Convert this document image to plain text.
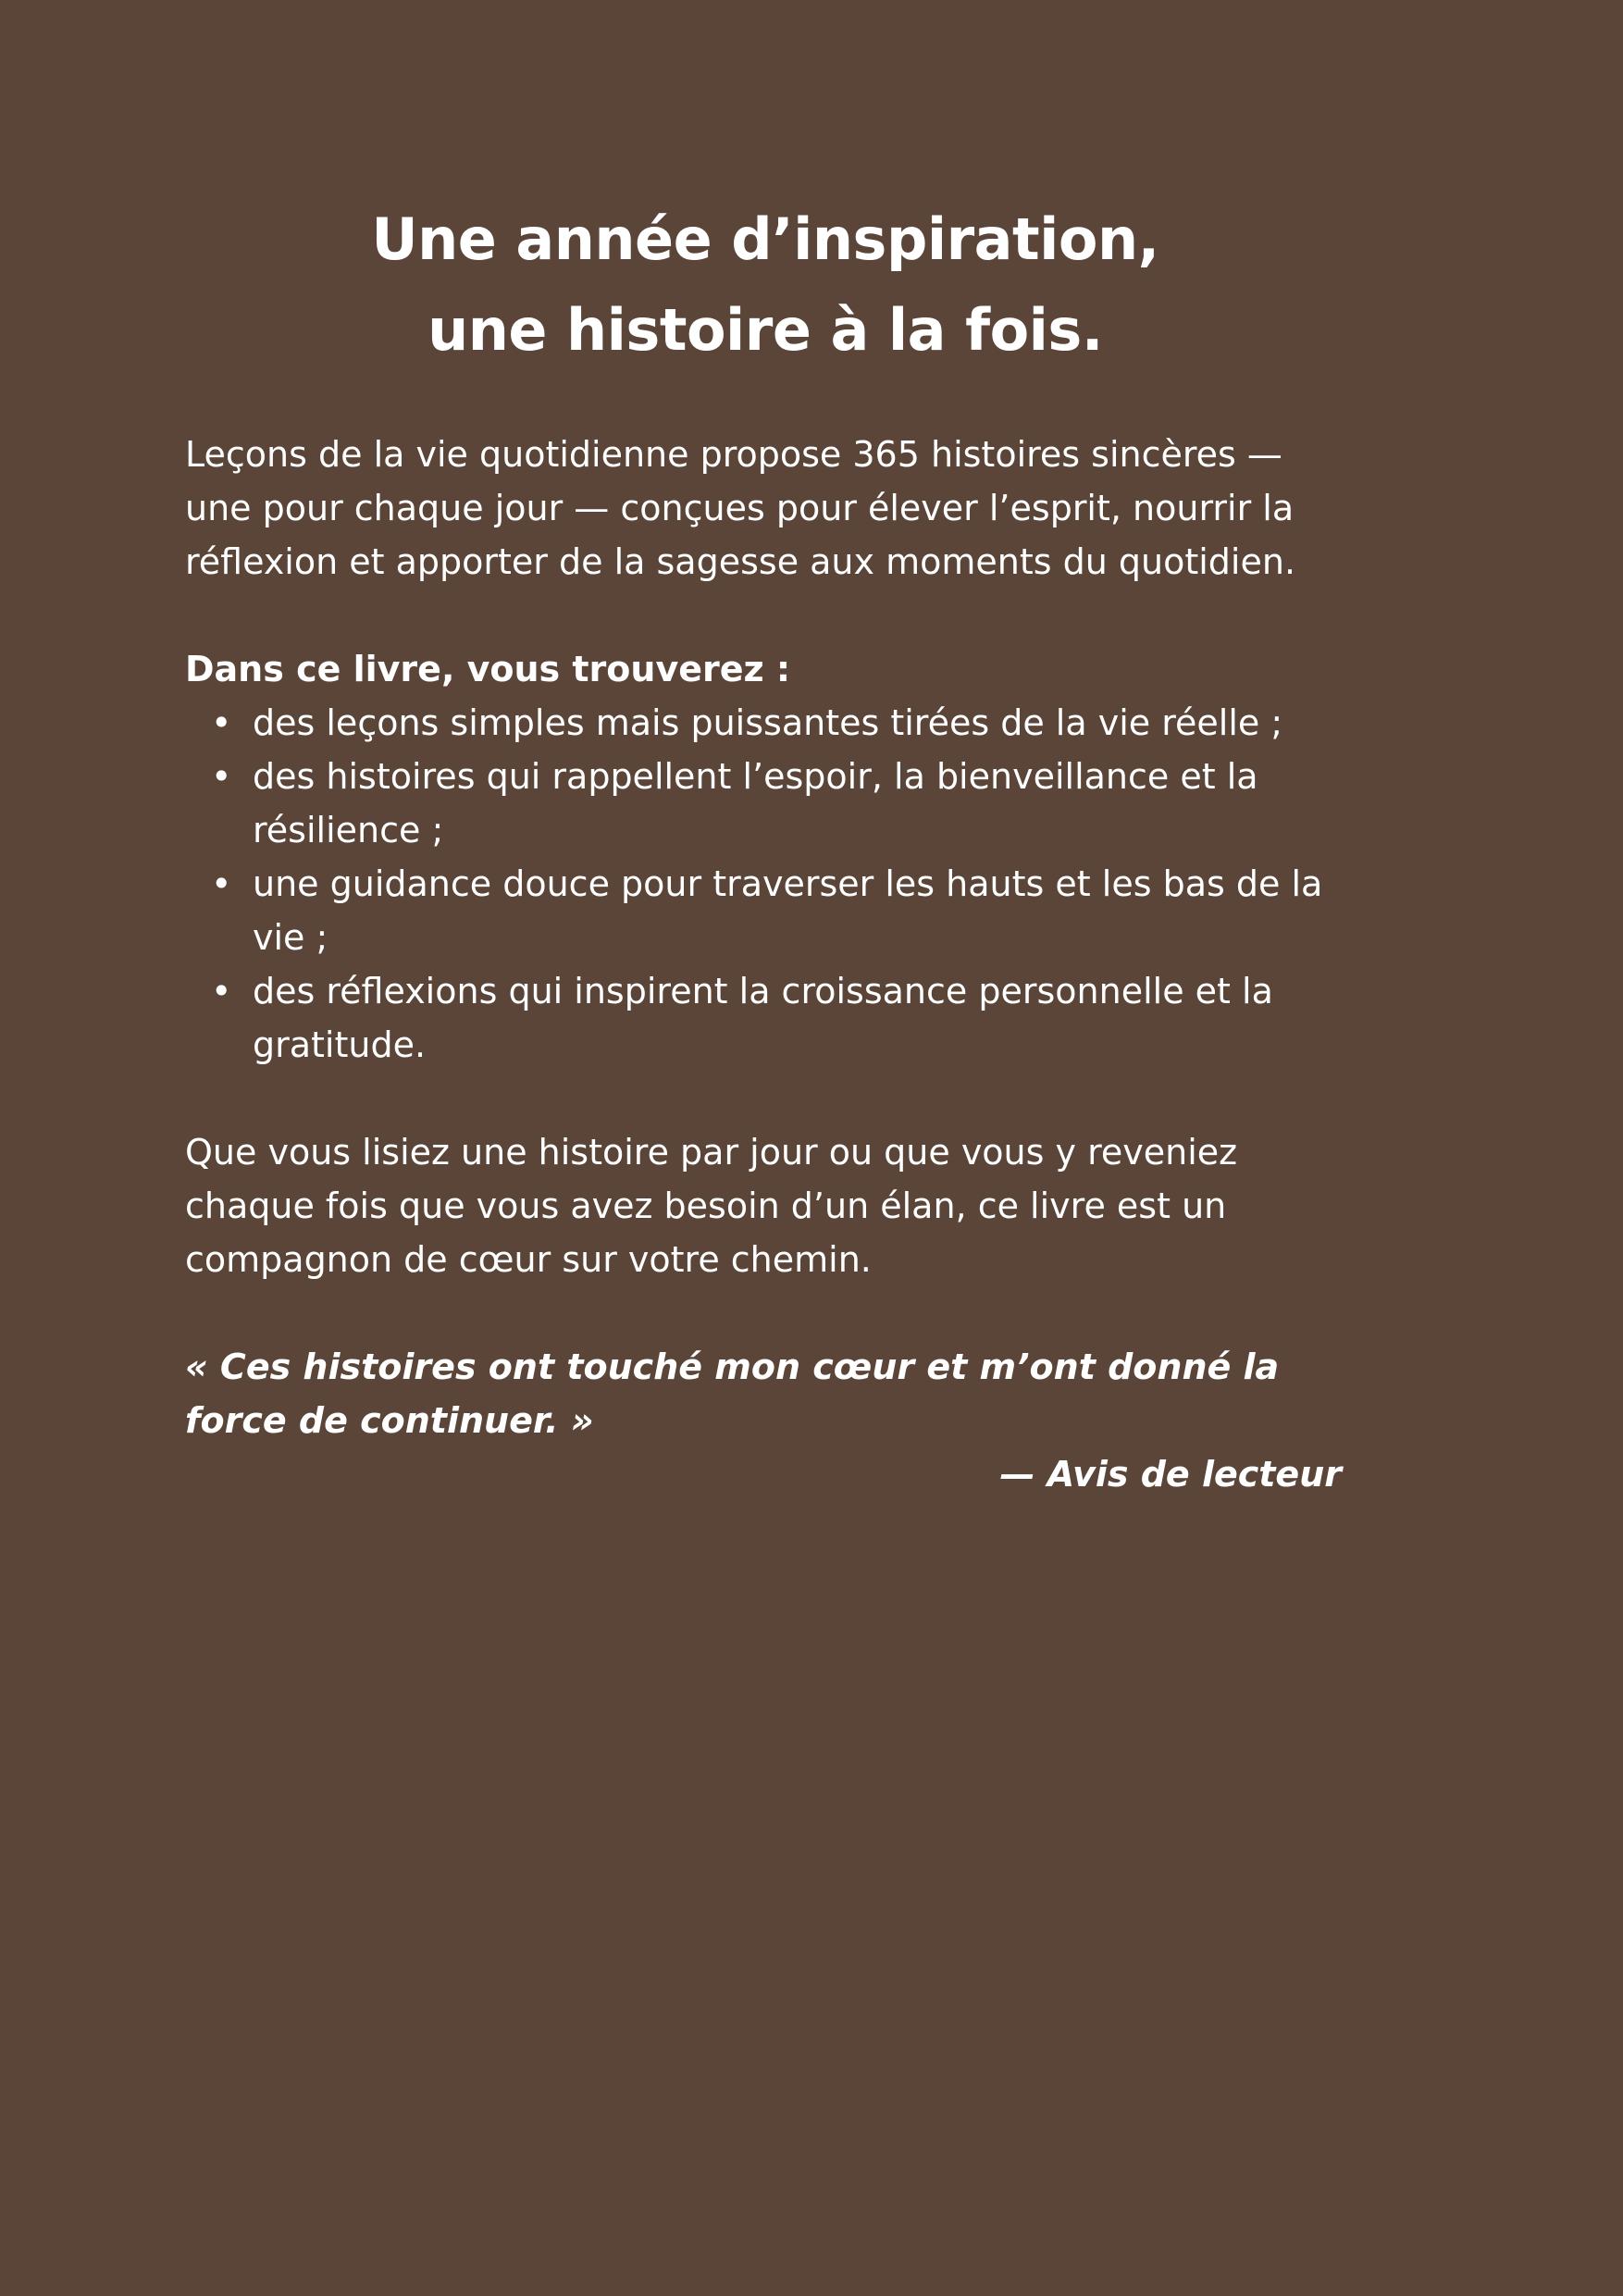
Une année d’inspiration,
une histoire à la fois.

Leçons de la vie quotidienne propose 365 histoires sincères — une pour chaque jour — conçues pour élever l’esprit, nourrir la réflexion et apporter de la sagesse aux moments du quotidien.

Dans ce livre, vous trouverez :

• des leçons simples mais puissantes tirées de la vie réelle ;
• des histoires qui rappellent l’espoir, la bienveillance et la résilience ;
• une guidance douce pour traverser les hauts et les bas de la vie ;
• des réflexions qui inspirent la croissance personnelle et la gratitude.

Que vous lisiez une histoire par jour ou que vous y reveniez chaque fois que vous avez besoin d’un élan, ce livre est un compagnon de cœur sur votre chemin.

« Ces histoires ont touché mon cœur et m’ont donné la force de continuer. »

— Avis de lecteur
